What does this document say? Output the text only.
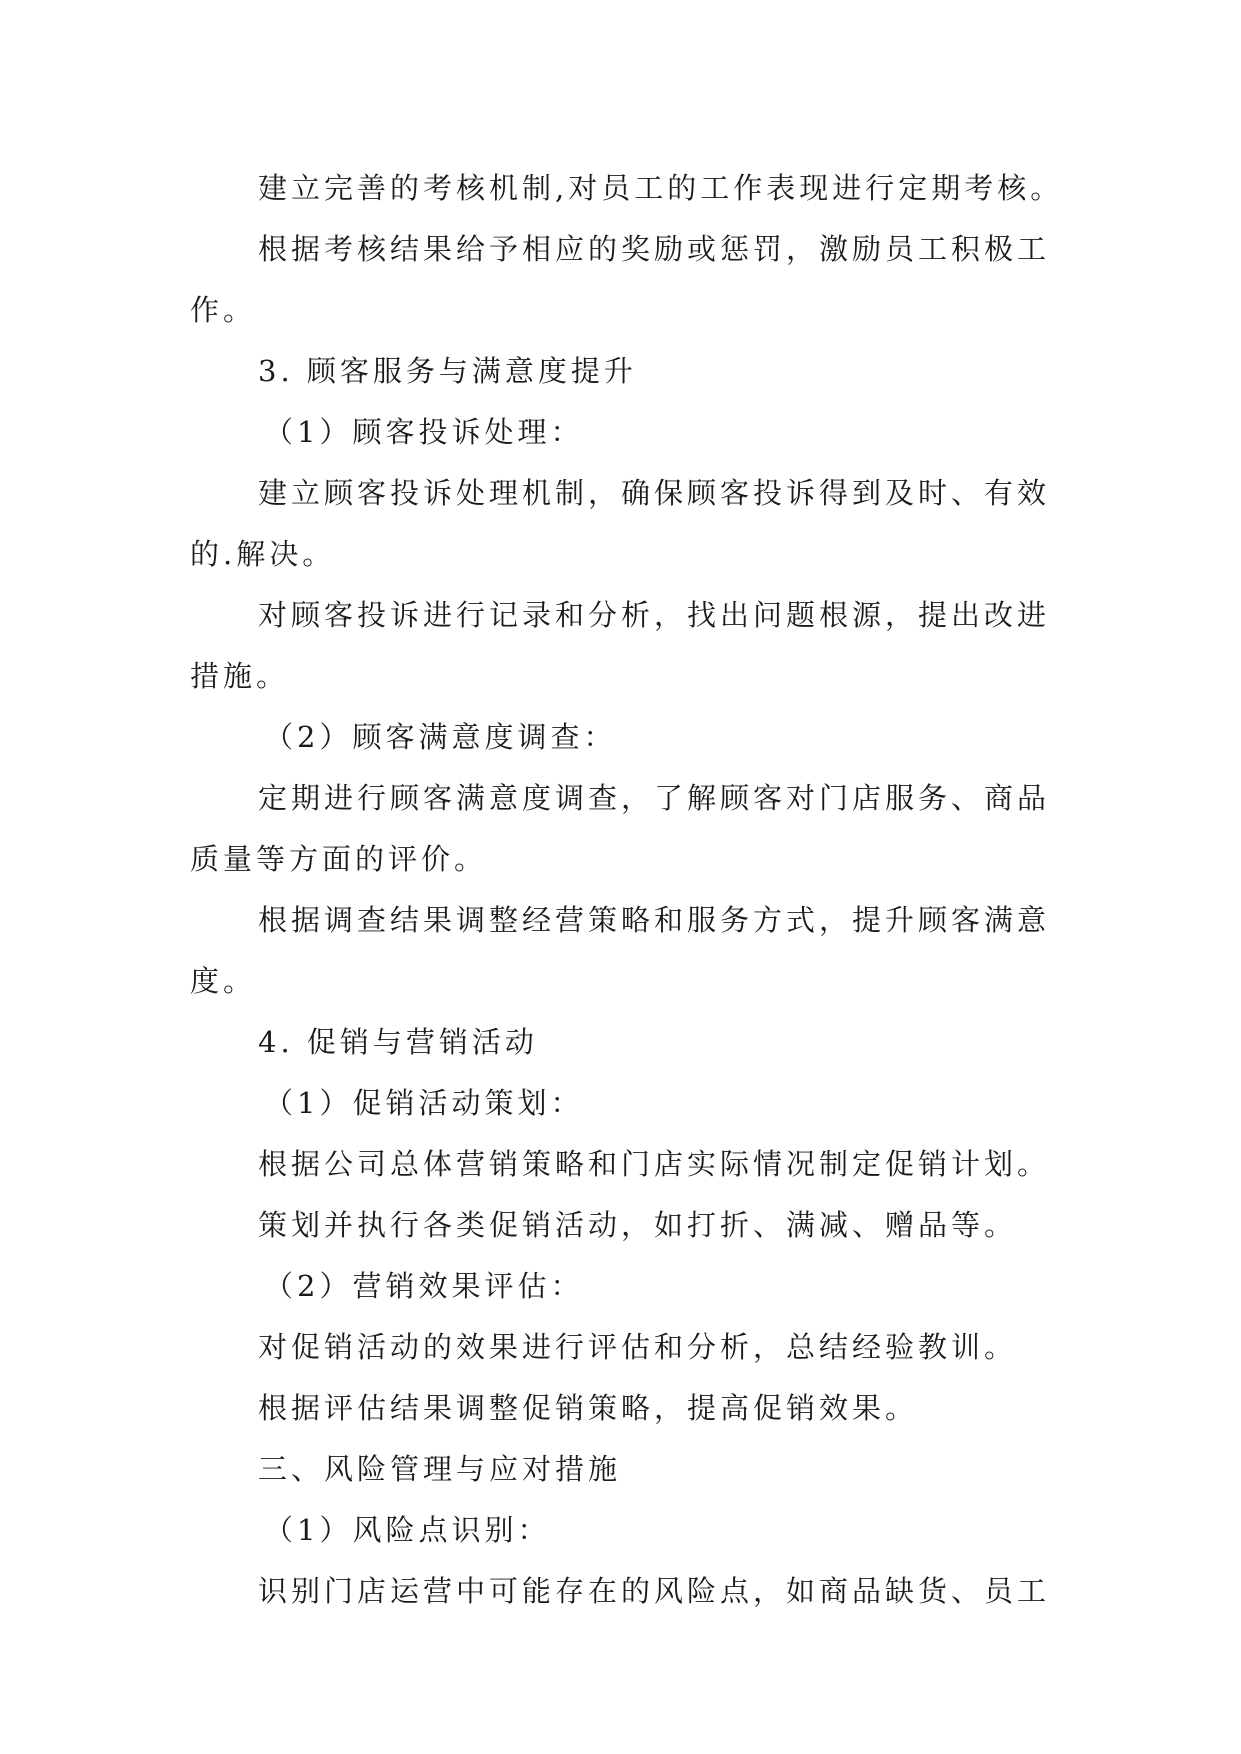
建立完善的考核机制,对员工的工作表现进行定期考核。

根据考核结果给予相应的奖励或惩罚，激励员工积极工

作。

3. 顾客服务与满意度提升

（1）顾客投诉处理：

建立顾客投诉处理机制，确保顾客投诉得到及时、有效

的.解决。

对顾客投诉进行记录和分析，找出问题根源，提出改进

措施。

（2）顾客满意度调查：

定期进行顾客满意度调查，了解顾客对门店服务、商品

质量等方面的评价。

根据调查结果调整经营策略和服务方式，提升顾客满意

度。

4. 促销与营销活动

（1）促销活动策划：

根据公司总体营销策略和门店实际情况制定促销计划。

策划并执行各类促销活动，如打折、满减、赠品等。

（2）营销效果评估：

对促销活动的效果进行评估和分析，总结经验教训。

根据评估结果调整促销策略，提高促销效果。

三、风险管理与应对措施

（1）风险点识别：

识别门店运营中可能存在的风险点，如商品缺货、员工
